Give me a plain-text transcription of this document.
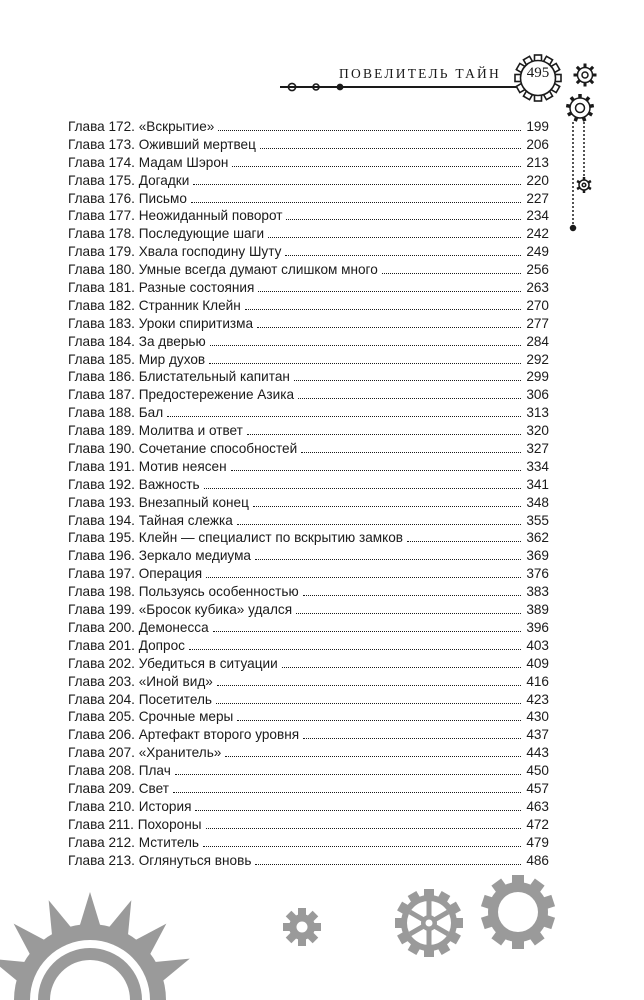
ПОВЕЛИТЕЛЬ ТАЙН	495
Глава 172. «Вскрытие»	199
Глава 173. Оживший мертвец	206
Глава 174. Мадам Шэрон	213
Глава 175. Догадки	220
Глава 176. Письмо	227
Глава 177. Неожиданный поворот	234
Глава 178. Последующие шаги	242
Глава 179. Хвала господину Шуту	249
Глава 180. Умные всегда думают слишком много	256
Глава 181. Разные состояния	263
Глава 182. Странник Клейн	270
Глава 183. Уроки спиритизма	277
Глава 184. За дверью	284
Глава 185. Мир духов	292
Глава 186. Блистательный капитан	299
Глава 187. Предостережение Азика	306
Глава 188. Бал	313
Глава 189. Молитва и ответ	320
Глава 190. Сочетание способностей	327
Глава 191. Мотив неясен	334
Глава 192. Важность	341
Глава 193. Внезапный конец	348
Глава 194. Тайная слежка	355
Глава 195. Клейн — специалист по вскрытию замков	362
Глава 196. Зеркало медиума	369
Глава 197. Операция	376
Глава 198. Пользуясь особенностью	383
Глава 199. «Бросок кубика» удался	389
Глава 200. Демонесса	396
Глава 201. Допрос	403
Глава 202. Убедиться в ситуации	409
Глава 203. «Иной вид»	416
Глава 204. Посетитель	423
Глава 205. Срочные меры	430
Глава 206. Артефакт второго уровня	437
Глава 207. «Хранитель»	443
Глава 208. Плач	450
Глава 209. Свет	457
Глава 210. История	463
Глава 211. Похороны	472
Глава 212. Мститель	479
Глава 213. Оглянуться вновь	486
